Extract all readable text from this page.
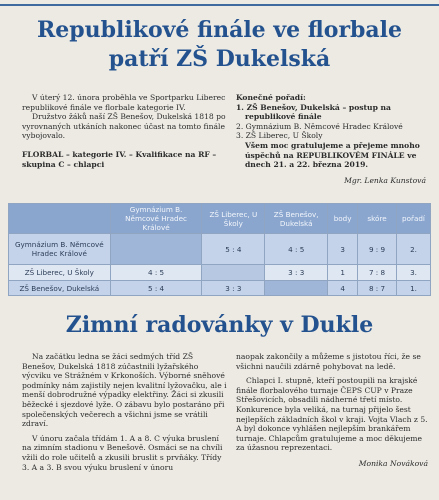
Republikové finále ve florbale
patří ZŠ Dukelská

V úterý 12. února proběhla ve Sportparku Liberec republikové finále ve florbale kategorie IV.

Družstvo žáků naší ZŠ Benešov, Dukelská 1818 po vyrovnaných utkáních nakonec účast na tomto finále vybojovalo.

FLORBAL – kategorie IV. – Kvalifikace na RF – skupina C – chlapci

Konečné pořadí:

1. ZŠ Benešov, Dukelská – postup na republikové finále

2. Gymnázium B. Němcové Hradec Králové

3. ZŠ Liberec, U Školy

Všem moc gratulujeme a přejeme mnoho úspěchů na REPUBLIKOVÉM FINÁLE ve dnech 21. a 22. března 2019.

Mgr. Lenka Kunstová

	Gymnázium B. Němcové Hradec Králové	ZŠ Liberec, U Školy	ZŠ Benešov, Dukelská	body	skóre	pořadí
Gymnázium B. Němcové Hradec Králové		5 : 4	4 : 5	3	9 : 9	2.
ZŠ Liberec, U Školy	4 : 5		3 : 3	1	7 : 8	3.
ZŠ Benešov, Dukelská	5 : 4	3 : 3		4	8 : 7	1.
Zimní radovánky v Dukle

Na začátku ledna se žáci sedmých tříd ZŠ Benešov, Dukelská 1818 zúčastnili lyžařského výcviku ve Strážném v Krkonoších. Výborné sněhové podmínky nám zajistily nejen kvalitní lyžovačku, ale i menší dobrodružné výpadky elektřiny. Žáci si zkusili běžecké i sjezdové lyže. O zábavu bylo postaráno při společenských večerech a všichni jsme se vrátili zdraví.

V únoru začala třídám 1. A a 8. C výuka bruslení na zimním stadionu v Benešově. Osmáci se na chvíli vžili do role učitelů a zkusili bruslit s prvňáky. Třídy 3. A a 3. B svou výuku bruslení v únoru

naopak zakončily a můžeme s jistotou říci, že se všichni naučili zdárně pohybovat na ledě.

Chlapci I. stupně, kteří postoupili na krajské finále florbalového turnaje ČEPS CUP v Praze Střešovicích, obsadili nádherné třetí místo. Konkurence byla veliká, na turnaj přijelo šest nejlepších základních škol v kraji. Vojta Vlach z 5. A byl dokonce vyhlášen nejlepším brankářem turnaje. Chlapcům gratulujeme a moc děkujeme za úžasnou reprezentaci.

Monika Nováková
